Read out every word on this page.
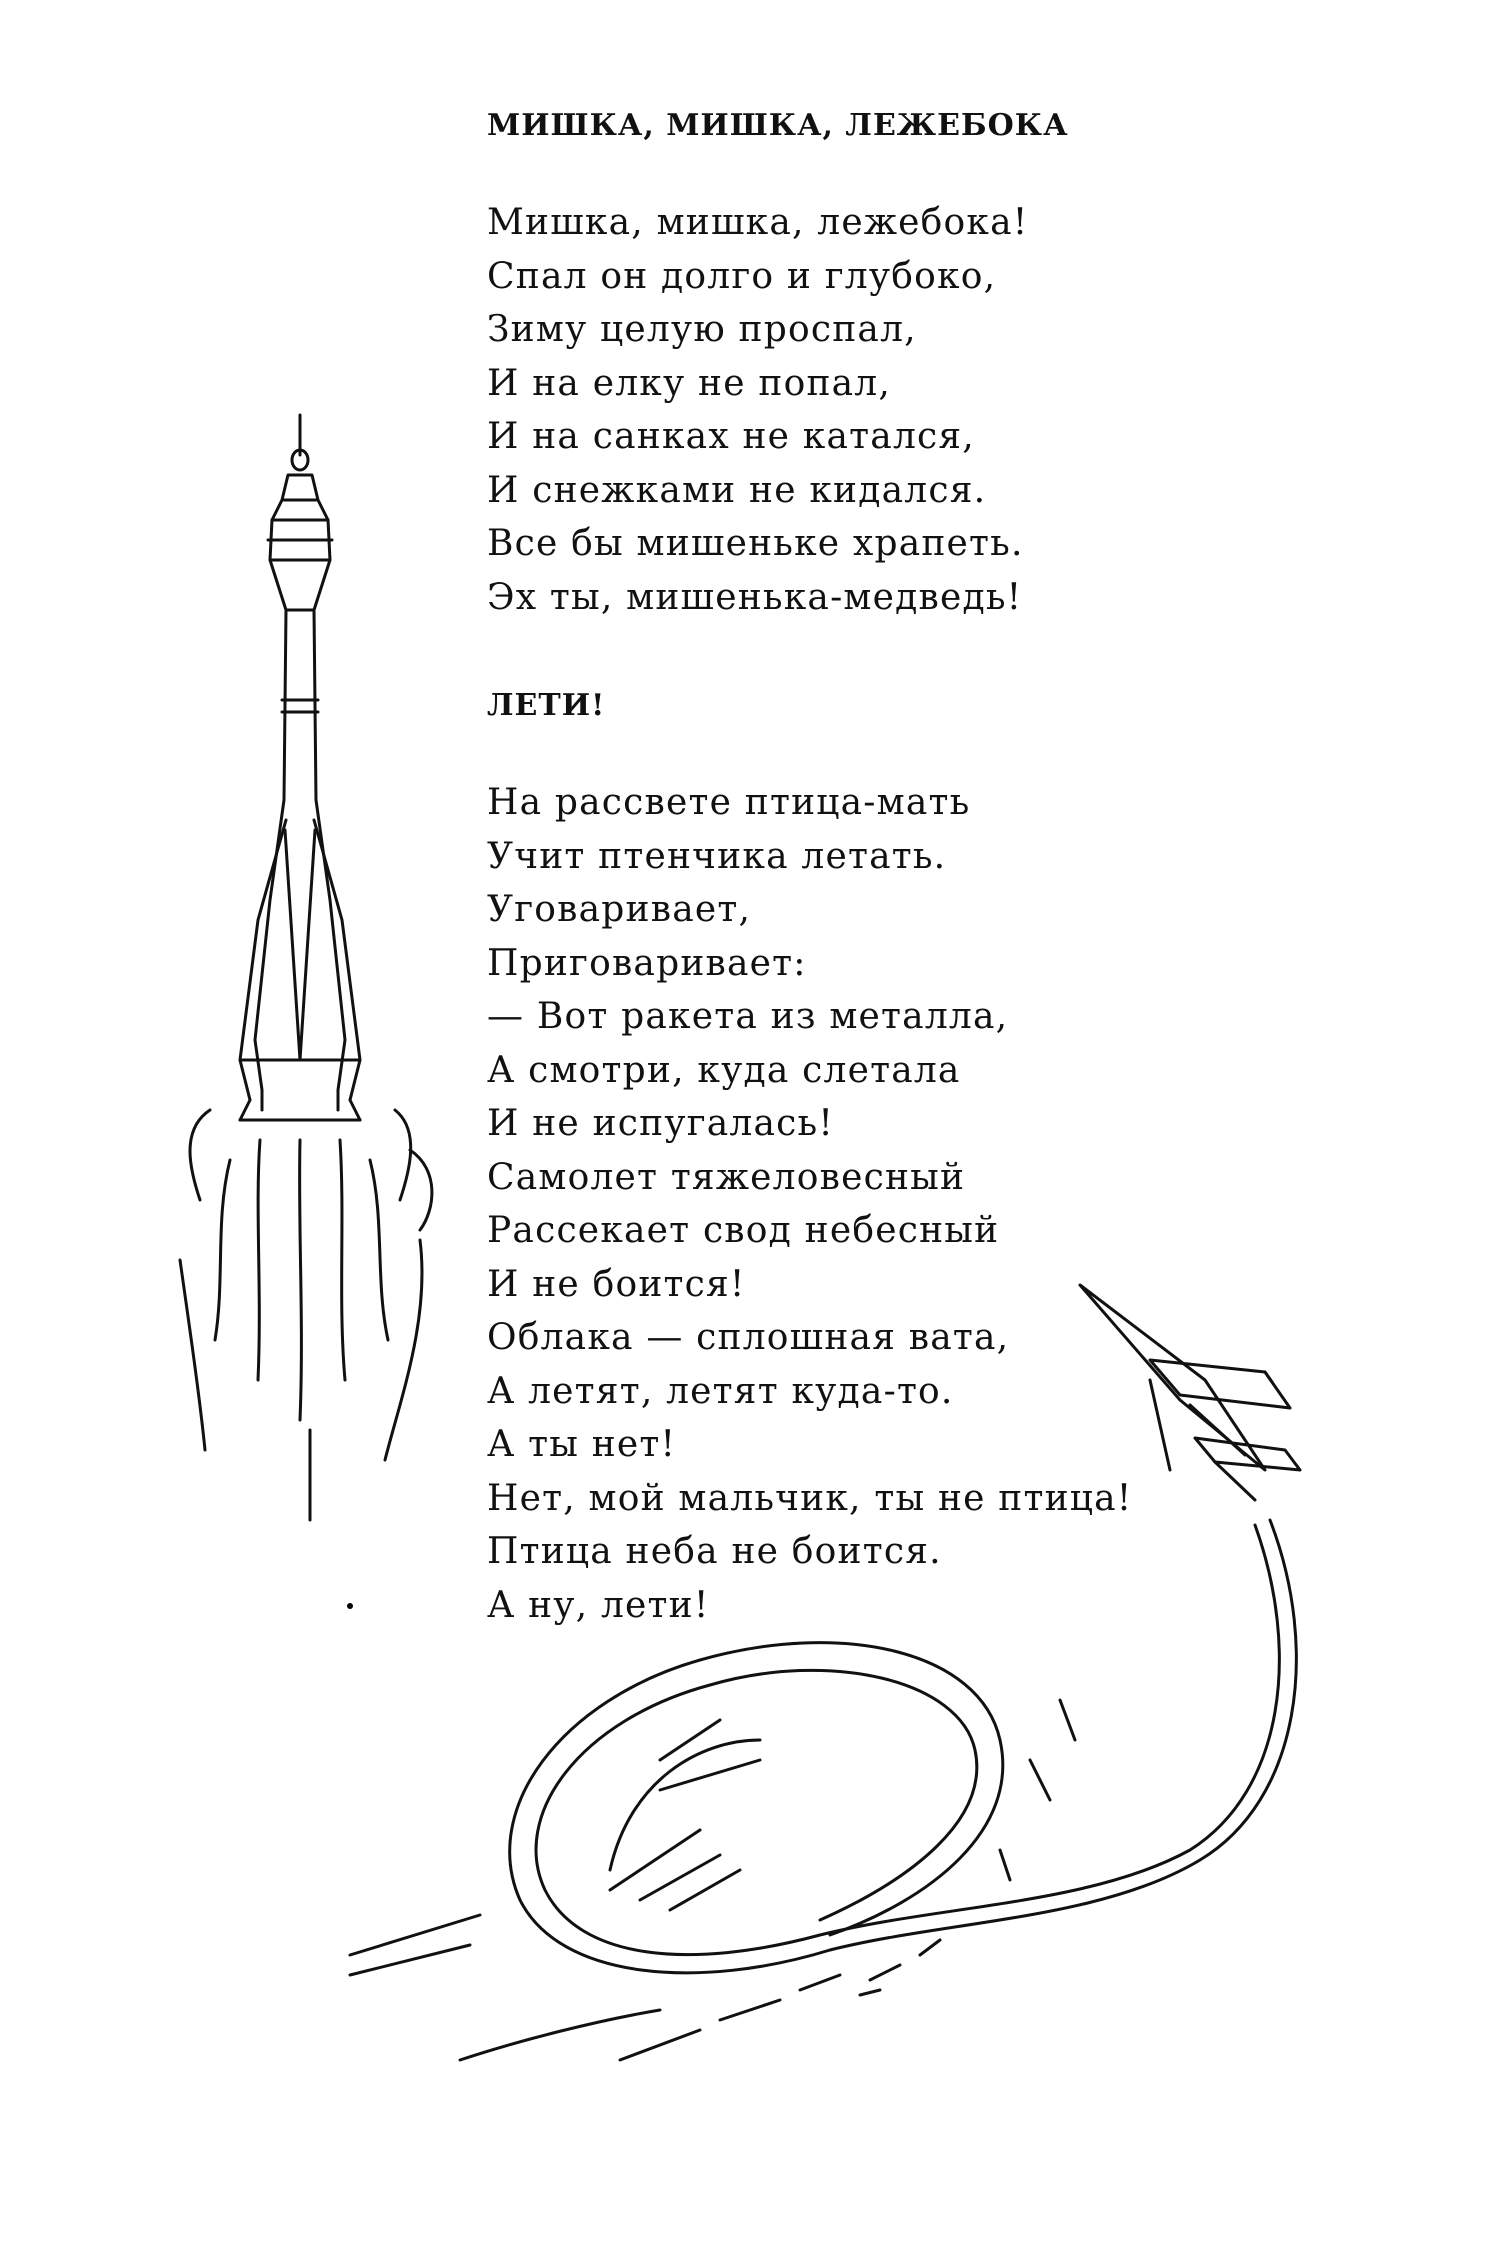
МИШКА, МИШКА, ЛЕЖЕБОКА
Мишка, мишка, лежебока!
Спал он долго и глубоко,
Зиму целую проспал,
И на елку не попал,
И на санках не катался,
И снежками не кидался.
Все бы мишеньке храпеть.
Эх ты, мишенька-медведь!
ЛЕТИ!
На рассвете птица-мать
Учит птенчика летать.
Уговаривает,
Приговаривает:
— Вот ракета из металла,
А смотри, куда слетала
И не испугалась!
Самолет тяжеловесный
Рассекает свод небесный
И не боится!
Облака — сплошная вата,
А летят, летят куда-то.
А ты нет!
Нет, мой мальчик, ты не птица!
Птица неба не боится.
А ну, лети!
